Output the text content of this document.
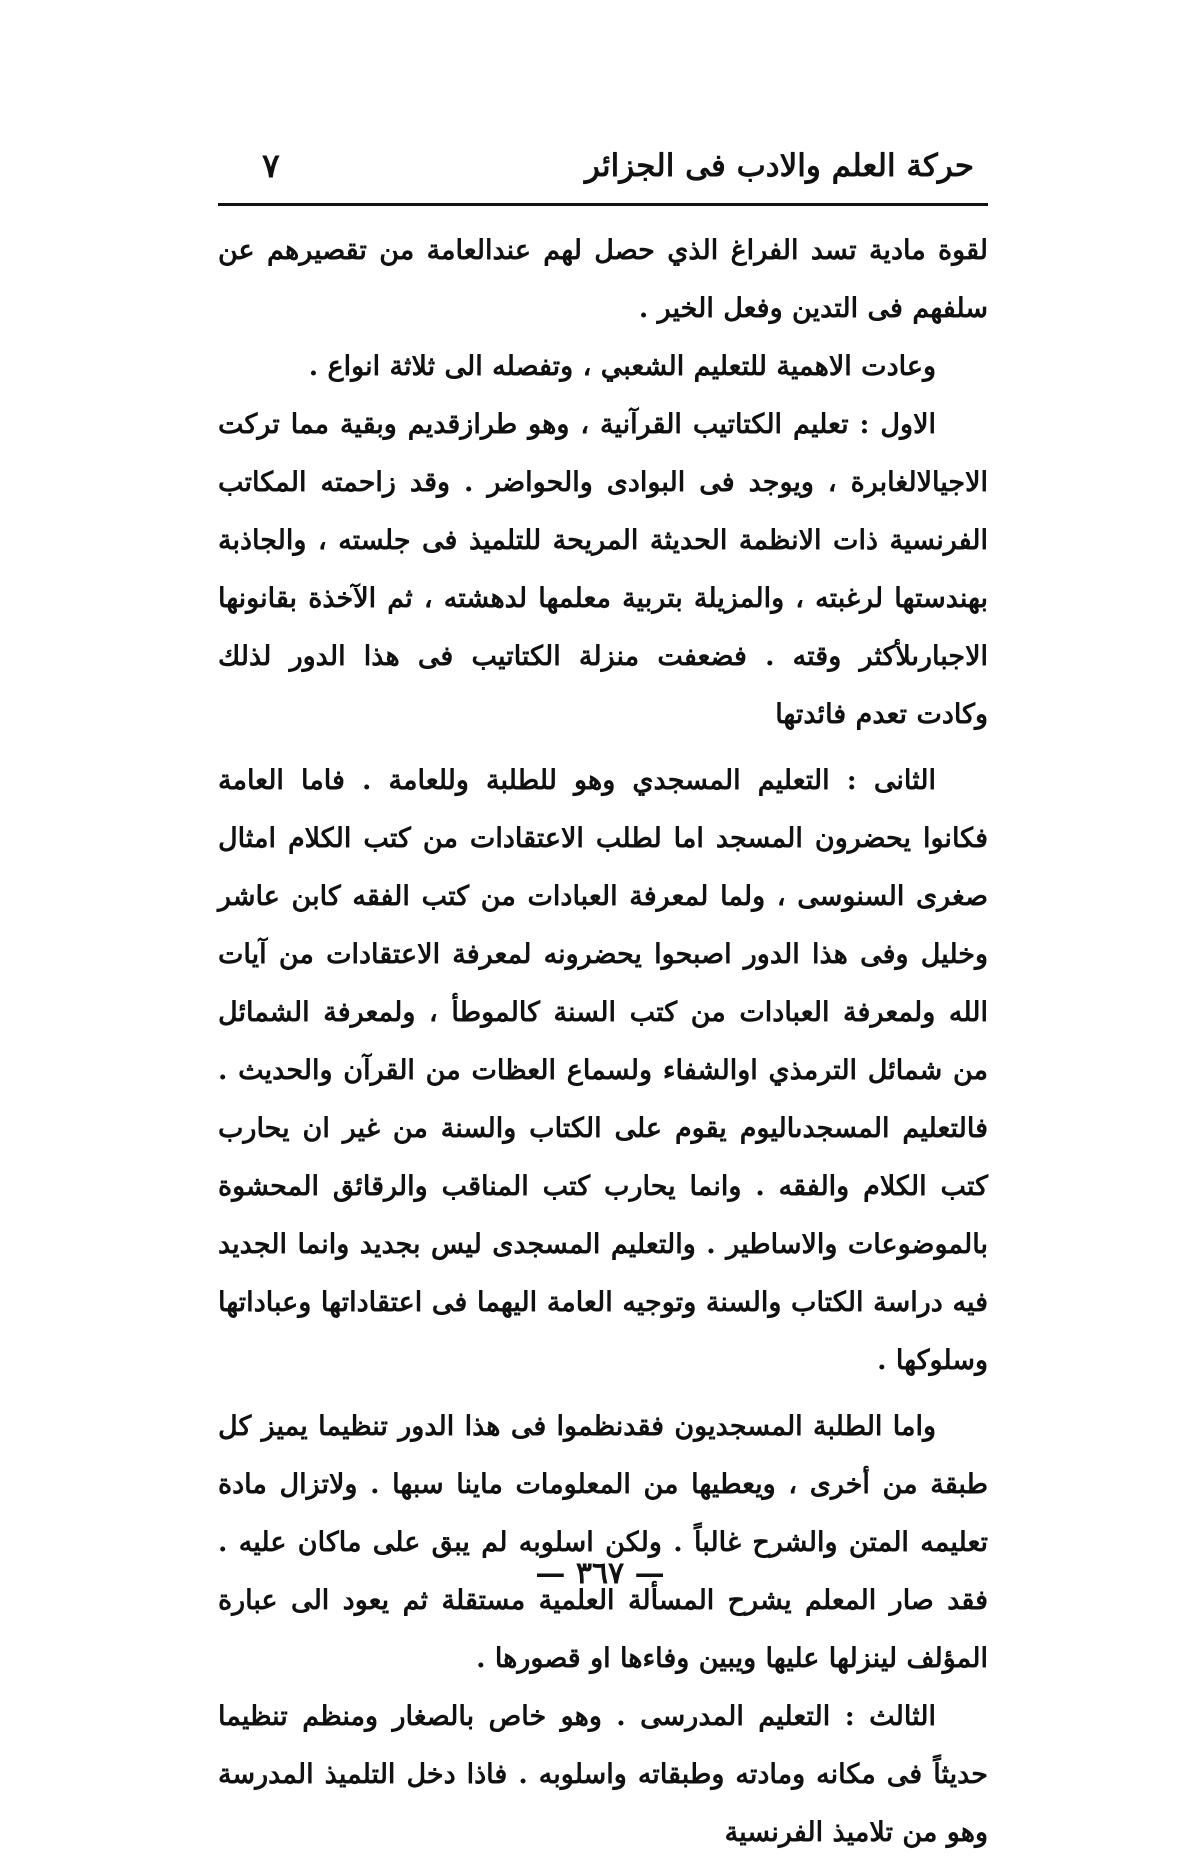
حركة العلم والادب فى الجزائر
٧

لقوة مادية تسد الفراغ الذي حصل لهم عندالعامة من تقصيرهم عن سلفهم فى التدين وفعل الخير .

وعادت الاهمية للتعليم الشعبي ، وتفصله الى ثلاثة انواع .

الاول : تعليم الكتاتيب القرآنية ، وهو طرازقديم وبقية مما تركت الاجيالالغابرة ، ويوجد فى البوادى والحواضر . وقد زاحمته المكاتب الفرنسية ذات الانظمة الحديثة المريحة للتلميذ فى جلسته ، والجاذبة بهندستها لرغبته ، والمزيلة بتربية معلمها لدهشته ، ثم الآخذة بقانونها الاجبارىلأكثر وقته . فضعفت منزلة الكتاتيب فى هذا الدور لذلك وكادت تعدم فائدتها

الثانى : التعليم المسجدي وهو للطلبة وللعامة . فاما العامة فكانوا يحضرون المسجد اما لطلب الاعتقادات من كتب الكلام امثال صغرى السنوسى ، ولما لمعرفة العبادات من كتب الفقه كابن عاشر وخليل وفى هذا الدور اصبحوا يحضرونه لمعرفة الاعتقادات من آيات الله ولمعرفة العبادات من كتب السنة كالموطأ ، ولمعرفة الشمائل من شمائل الترمذي اوالشفاء ولسماع العظات من القرآن والحديث . فالتعليم المسجدىاليوم يقوم على الكتاب والسنة من غير ان يحارب كتب الكلام والفقه . وانما يحارب كتب المناقب والرقائق المحشوة بالموضوعات والاساطير . والتعليم المسجدى ليس بجديد وانما الجديد فيه دراسة الكتاب والسنة وتوجيه العامة اليهما فى اعتقاداتها وعباداتها وسلوكها .

واما الطلبة المسجديون فقدنظموا فى هذا الدور تنظيما يميز كل طبقة من أخرى ، ويعطيها من المعلومات ماينا سبها . ولاتزال مادة تعليمه المتن والشرح غالباً . ولكن اسلوبه لم يبق على ماكان عليه . فقد صار المعلم يشرح المسألة العلمية مستقلة ثم يعود الى عبارة المؤلف لينزلها عليها ويبين وفاءها او قصورها .

الثالث : التعليم المدرسى . وهو خاص بالصغار ومنظم تنظيما حديثاً فى مكانه ومادته وطبقاته واسلوبه . فاذا دخل التلميذ المدرسة وهو من تلاميذ الفرنسية

— ٣٦٧ —
